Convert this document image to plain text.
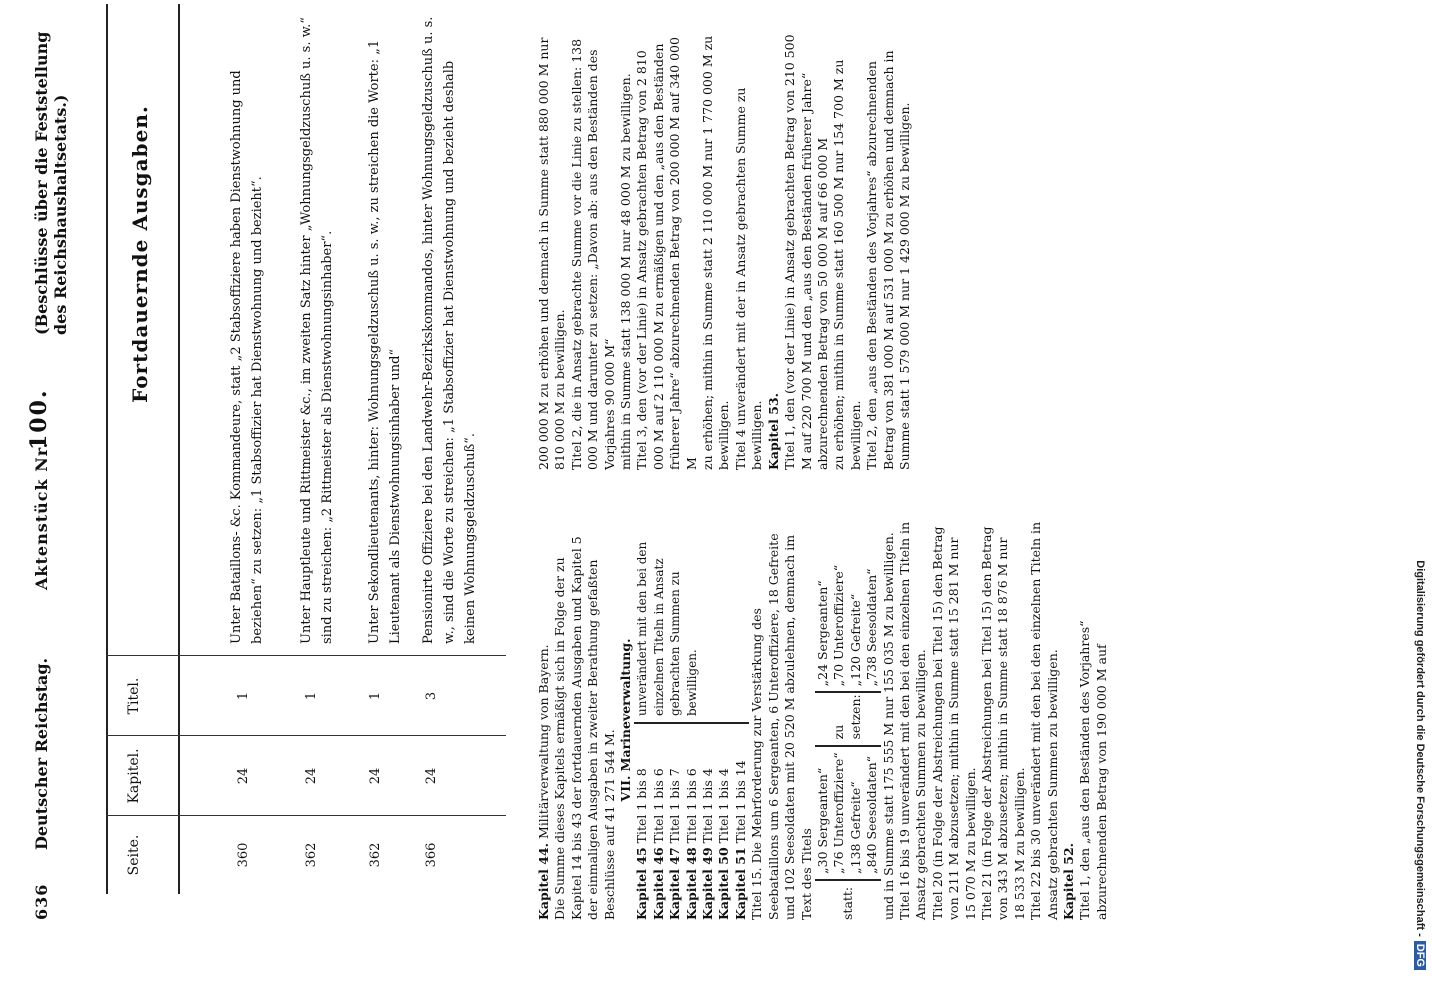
636
Deutscher Reichstag.
Aktenstück Nr.
100.
(Beschlüsse über die Feststellung des Reichshaushaltsetats.)
Seite.
Kapitel.
Titel.
Fortdauernde Ausgaben.
360
24
1
Unter Bataillons- &c. Kommandeure, statt „2 Stabsoffiziere haben Dienstwohnung und beziehen“ zu setzen: „1 Stabsoffizier hat Dienstwohnung und bezieht“.
362
24
1
Unter Hauptleute und Rittmeister &c., im zweiten Satz hinter „Wohnungsgeldzuschuß u. s. w.“ sind zu streichen: „2 Rittmeister als Dienstwohnungsinhaber“.
362
24
1
Unter Sekondlieutenants, hinter: Wohnungsgeldzuschuß u. s. w., zu streichen die Worte: „1 Lieutenant als Dienstwohnungsinhaber und“
366
24
3
Pensionirte Offiziere bei den Landwehr-Bezirkskommandos, hinter Wohnungsgeldzuschuß u. s. w., sind die Worte zu streichen: „1 Stabsoffizier hat Dienstwohnung und bezieht deshalb keinen Wohnungsgeldzuschuß“.

Kapitel 44. Militärverwaltung von Bayern. Die Summe dieses Kapitels ermäßigt sich in Folge der zu Kapitel 14 bis 43 der fortdauernden Ausgaben und Kapitel 5 der einmaligen Ausgaben in zweiter Berathung gefaßten Beschlüsse auf 41 271 544 M.

VII. Marineverwaltung.

Kapitel 45 Titel 1 bis 8

Kapitel 46 Titel 1 bis 6

Kapitel 47 Titel 1 bis 7

Kapitel 48 Titel 1 bis 6

Kapitel 49 Titel 1 bis 4

Kapitel 50 Titel 1 bis 4

Kapitel 51 Titel 1 bis 14

unverändert mit den bei den einzelnen Titeln in Ansatz gebrachten Summen zu bewilligen.	Titel 15. Die Mehrforderung zur Verstärkung des Seebataillons um 6 Sergeanten, 6 Unteroffiziere, 18 Gefreite und 102 Seesoldaten mit 20 520 M abzulehnen, demnach im Text des Titels statt:

„30 Sergeanten“ „76 Unteroffiziere“ „138 Gefreite“ „840 Seesoldaten“

zu setzen:

„24 Sergeanten“ „70 Unteroffiziere“ „120 Gefreite“ „738 Seesoldaten“ und in Summe statt 175 555 M nur 155 035 M zu bewilligen. Titel 16 bis 19 unverändert mit den bei den einzelnen Titeln in Ansatz gebrachten Summen zu bewilligen. Titel 20 (in Folge der Abstreichungen bei Titel 15) den Betrag von 211 M abzusetzen; mithin in Summe statt 15 281 M nur 15 070 M zu bewilligen. Titel 21 (in Folge der Abstreichungen bei Titel 15) den Betrag von 343 M abzusetzen; mithin in Summe statt 18 876 M nur 18 533 M zu bewilligen. Titel 22 bis 30 unverändert mit den bei den einzelnen Titeln in Ansatz gebrachten Summen zu bewilligen. Kapitel 52. Titel 1, den „aus den Beständen des Vorjahres“ abzurechnenden Betrag von 190 000 M auf

200 000 M zu erhöhen und demnach in Summe statt 880 000 M nur 810 000 M zu bewilligen. Titel 2, die in Ansatz gebrachte Summe vor die Linie zu stellen: 138 000 M und darunter zu setzen: „Davon ab: aus den Beständen des Vorjahres 90 000 M“ mithin in Summe statt 138 000 M nur 48 000 M zu bewilligen. Titel 3, den (vor der Linie) in Ansatz gebrachten Betrag von 2 810 000 M auf 2 110 000 M zu ermäßigen und den „aus den Beständen früherer Jahre“ abzurechnenden Betrag von 200 000 M auf 340 000 M zu erhöhen; mithin in Summe statt 2 110 000 M nur 1 770 000 M zu bewilligen. Titel 4 unverändert mit der in Ansatz gebrachten Summe zu bewilligen. Kapitel 53. Titel 1, den (vor der Linie) in Ansatz gebrachten Betrag von 210 500 M auf 220 700 M und den „aus den Beständen früherer Jahre“ abzurechnenden Betrag von 50 000 M auf 66 000 M zu erhöhen; mithin in Summe statt 160 500 M nur 154 700 M zu bewilligen. Titel 2, den „aus den Beständen des Vorjahres“ abzurechnenden Betrag von 381 000 M auf 531 000 M zu erhöhen und demnach in Summe statt 1 579 000 M nur 1 429 000 M zu bewilligen.

Digitalisierung gefördert durch die Deutsche Forschungsgemeinschaft -DFG
